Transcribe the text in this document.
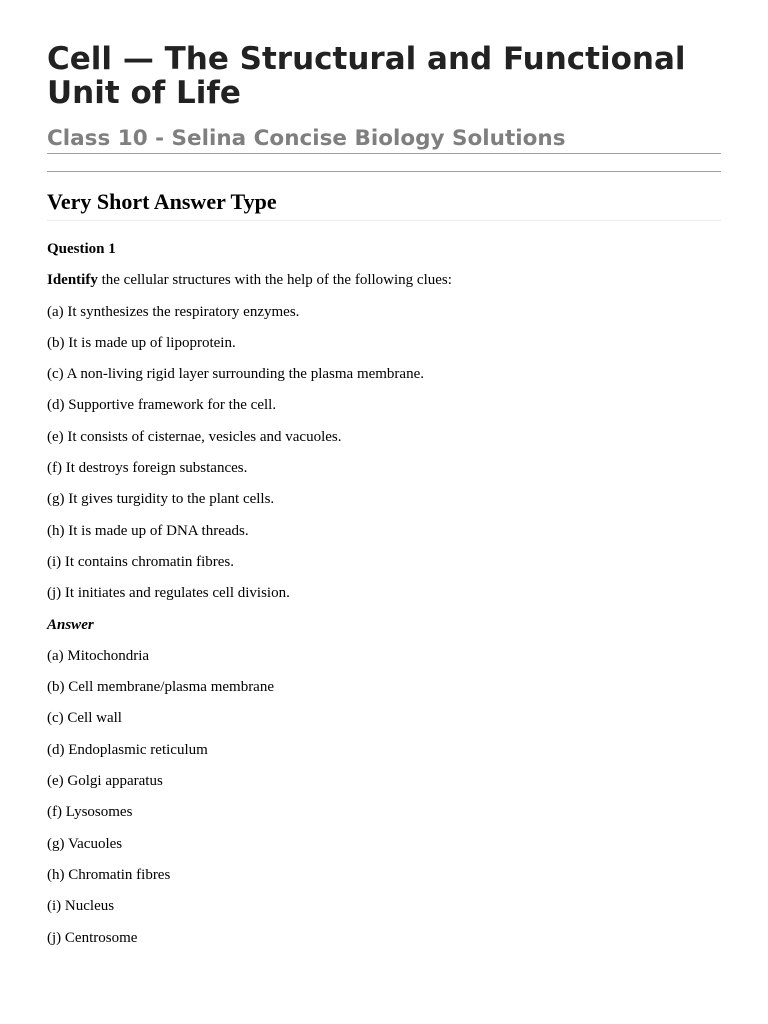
Cell — The Structural and Functional Unit of Life
Class 10 - Selina Concise Biology Solutions
Very Short Answer Type

Question 1

Identify the cellular structures with the help of the following clues:

(a) It synthesizes the respiratory enzymes.

(b) It is made up of lipoprotein.

(c) A non-living rigid layer surrounding the plasma membrane.

(d) Supportive framework for the cell.

(e) It consists of cisternae, vesicles and vacuoles.

(f) It destroys foreign substances.

(g) It gives turgidity to the plant cells.

(h) It is made up of DNA threads.

(i) It contains chromatin fibres.

(j) It initiates and regulates cell division.

Answer

(a) Mitochondria

(b) Cell membrane/plasma membrane

(c) Cell wall

(d) Endoplasmic reticulum

(e) Golgi apparatus

(f) Lysosomes

(g) Vacuoles

(h) Chromatin fibres

(i) Nucleus

(j) Centrosome
